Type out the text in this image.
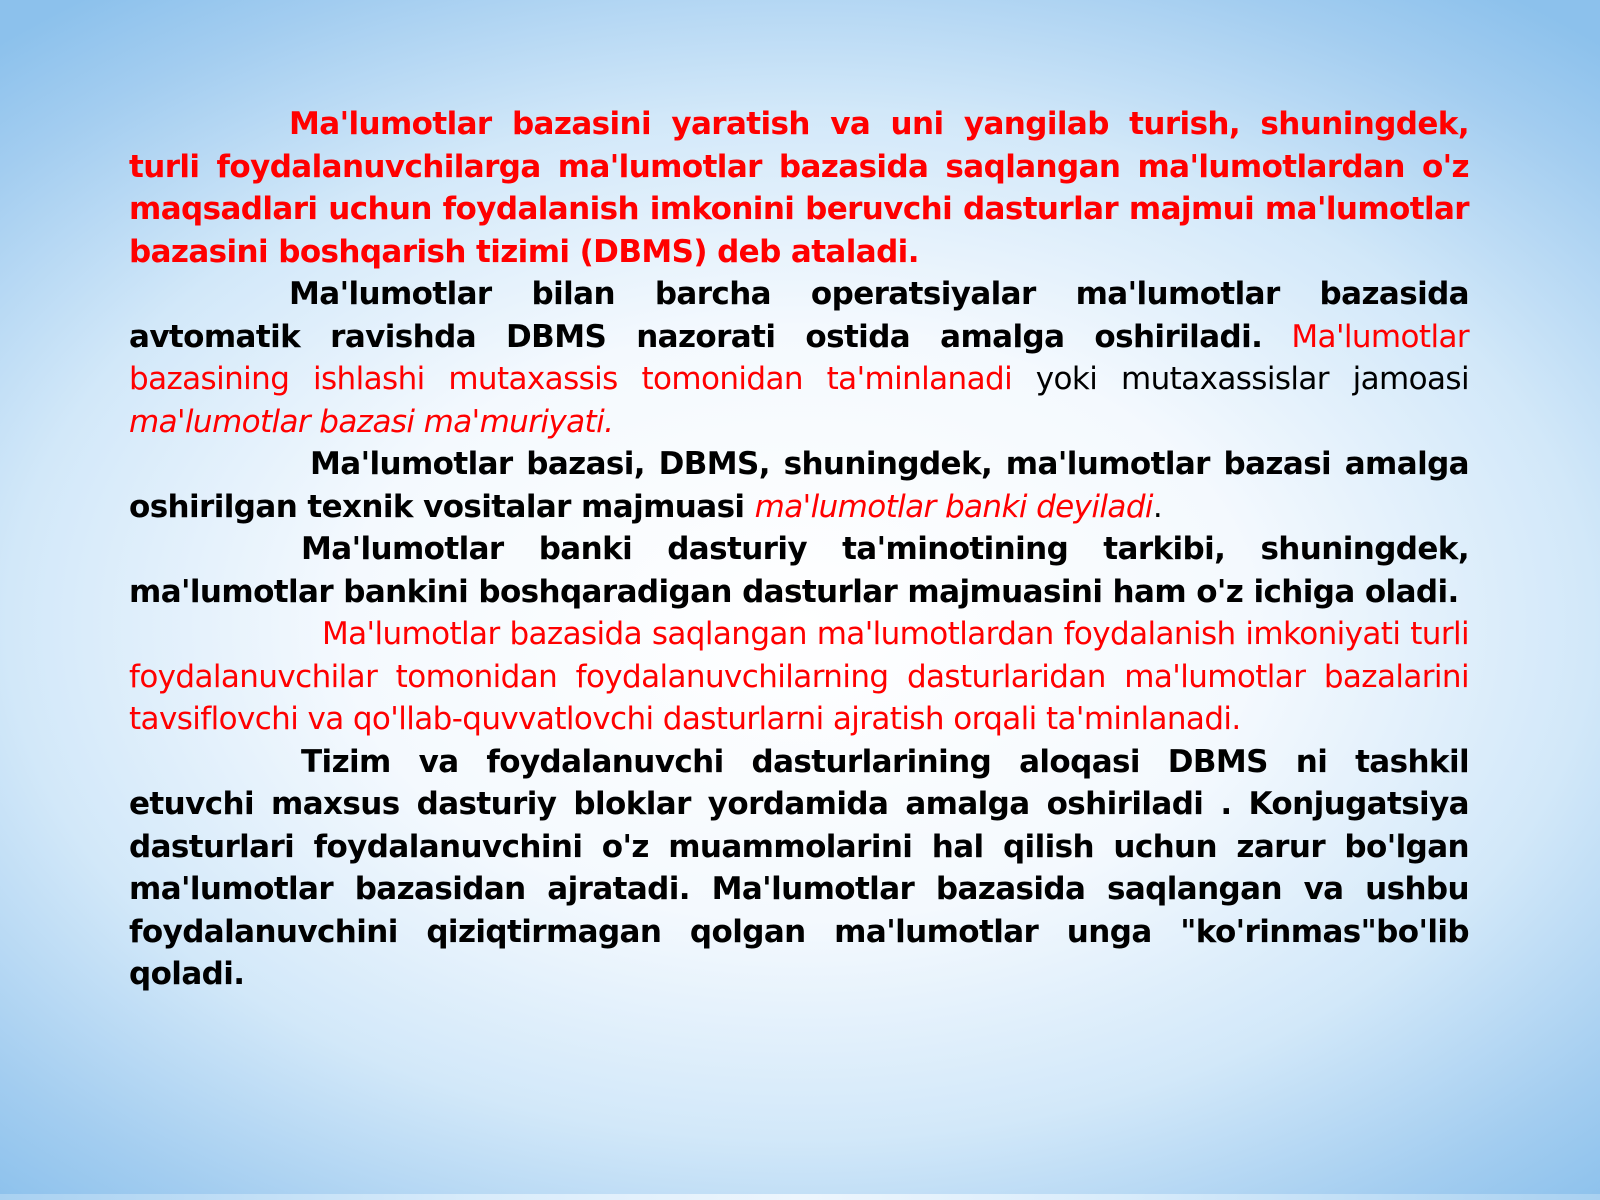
Ma'lumotlar bazasini yaratish va uni yangilab turish, shuningdek, turli foydalanuvchilarga ma'lumotlar bazasida saqlangan ma'lumotlardan o'z maqsadlari uchun foydalanish imkonini beruvchi dasturlar majmui ma'lumotlar bazasini boshqarish tizimi (DBMS) deb ataladi.

Ma'lumotlar bilan barcha operatsiyalar ma'lumotlar bazasida avtomatik ravishda DBMS nazorati ostida amalga oshiriladi. Ma'lumotlar bazasining ishlashi mutaxassis tomonidan ta'minlanadi yoki mutaxassislar jamoasi ma'lumotlar bazasi ma'muriyati.

Ma'lumotlar bazasi, DBMS, shuningdek, ma'lumotlar bazasi amalga oshirilgan texnik vositalar majmuasi ma'lumotlar banki deyiladi.

Ma'lumotlar banki dasturiy ta'minotining tarkibi, shuningdek, ma'lumotlar bankini boshqaradigan dasturlar majmuasini ham o'z ichiga oladi.

Ma'lumotlar bazasida saqlangan ma'lumotlardan foydalanish imkoniyati turli foydalanuvchilar tomonidan foydalanuvchilarning dasturlaridan ma'lumotlar bazalarini tavsiflovchi va qo'llab-quvvatlovchi dasturlarni ajratish orqali ta'minlanadi.

Tizim va foydalanuvchi dasturlarining aloqasi DBMS ni tashkil etuvchi maxsus dasturiy bloklar yordamida amalga oshiriladi . Konjugatsiya dasturlari foydalanuvchini o'z muammolarini hal qilish uchun zarur bo'lgan ma'lumotlar bazasidan ajratadi. Ma'lumotlar bazasida saqlangan va ushbu foydalanuvchini qiziqtirmagan qolgan ma'lumotlar unga "ko'rinmas"bo'lib qoladi.
